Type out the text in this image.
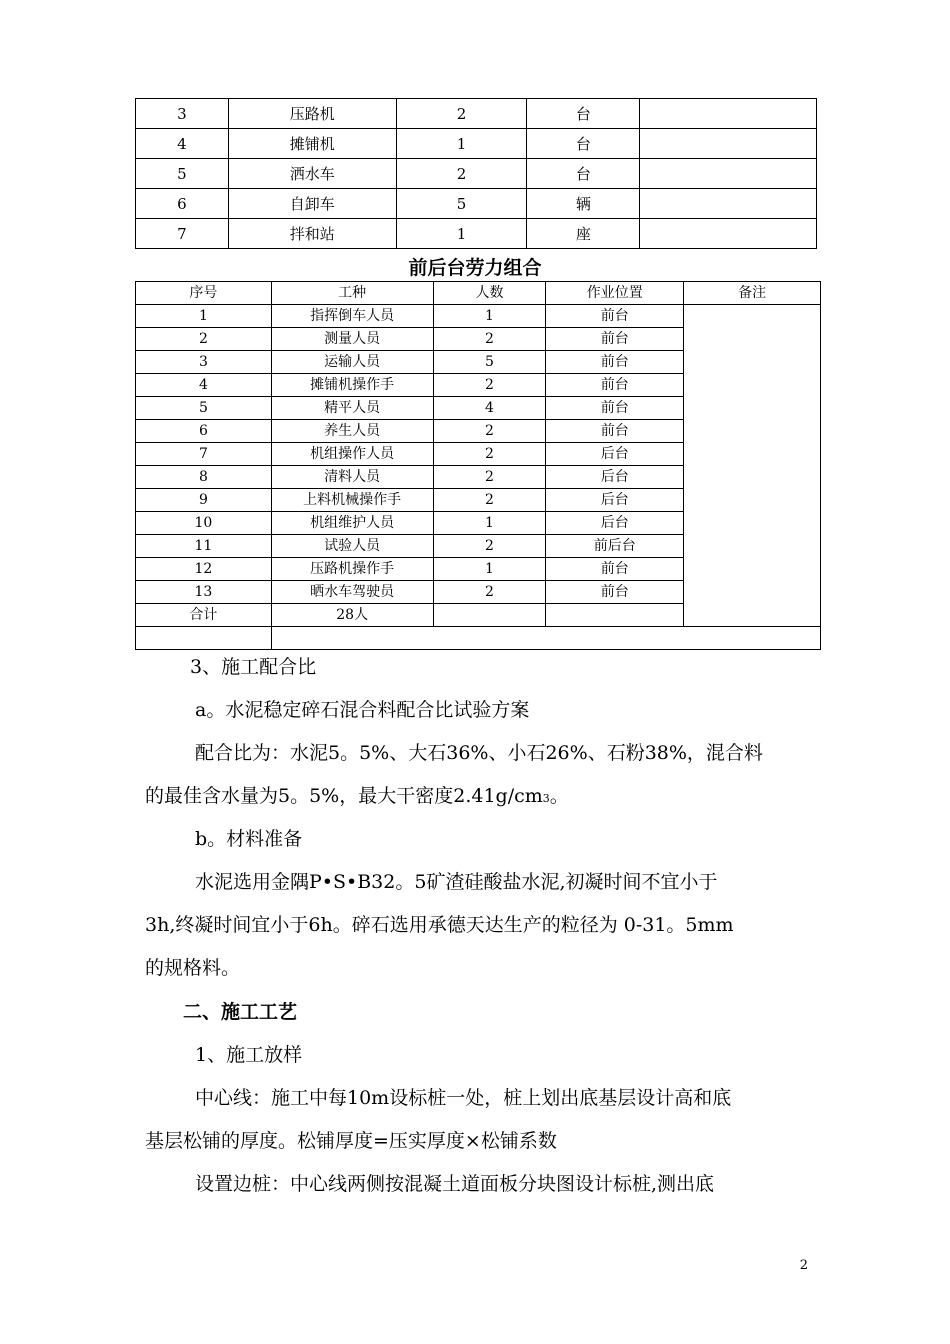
3	压路机	2	台	
4	摊铺机	1	台	
5	洒水车	2	台	
6	自卸车	5	辆	
7	拌和站	1	座	
前后台劳力组合
序号	工种	人数	作业位置	备注
1	指挥倒车人员	1	前台	
2	测量人员	2	前台	
3	运输人员	5	前台	
4	摊铺机操作手	2	前台	
5	精平人员	4	前台	
6	养生人员	2	前台	
7	机组操作人员	2	后台	
8	清料人员	2	后台	
9	上料机械操作手	2	后台	
10	机组维护人员	1	后台	
11	试验人员	2	前后台	
12	压路机操作手	1	前台	
13	晒水车驾驶员	2	前台	
合计	28人			

3、施工配合比

a。水泥稳定碎石混合料配合比试验方案

配合比为：水泥5。5%、大石36%、小石26%、石粉38%，混合料

的最佳含水量为5。5%，最大干密度2.41g/cm3。

b。材料准备

水泥选用金隅P•S•B32。5矿渣硅酸盐水泥,初凝时间不宜小于

3h,终凝时间宜小于6h。碎石选用承德天达生产的粒径为 0-31。5mm

的规格料。

二、施工工艺

1、施工放样

中心线：施工中每10m设标桩一处，桩上划出底基层设计高和底

基层松铺的厚度。松铺厚度=压实厚度×松铺系数

设置边桩：中心线两侧按混凝土道面板分块图设计标桩,测出底

2
